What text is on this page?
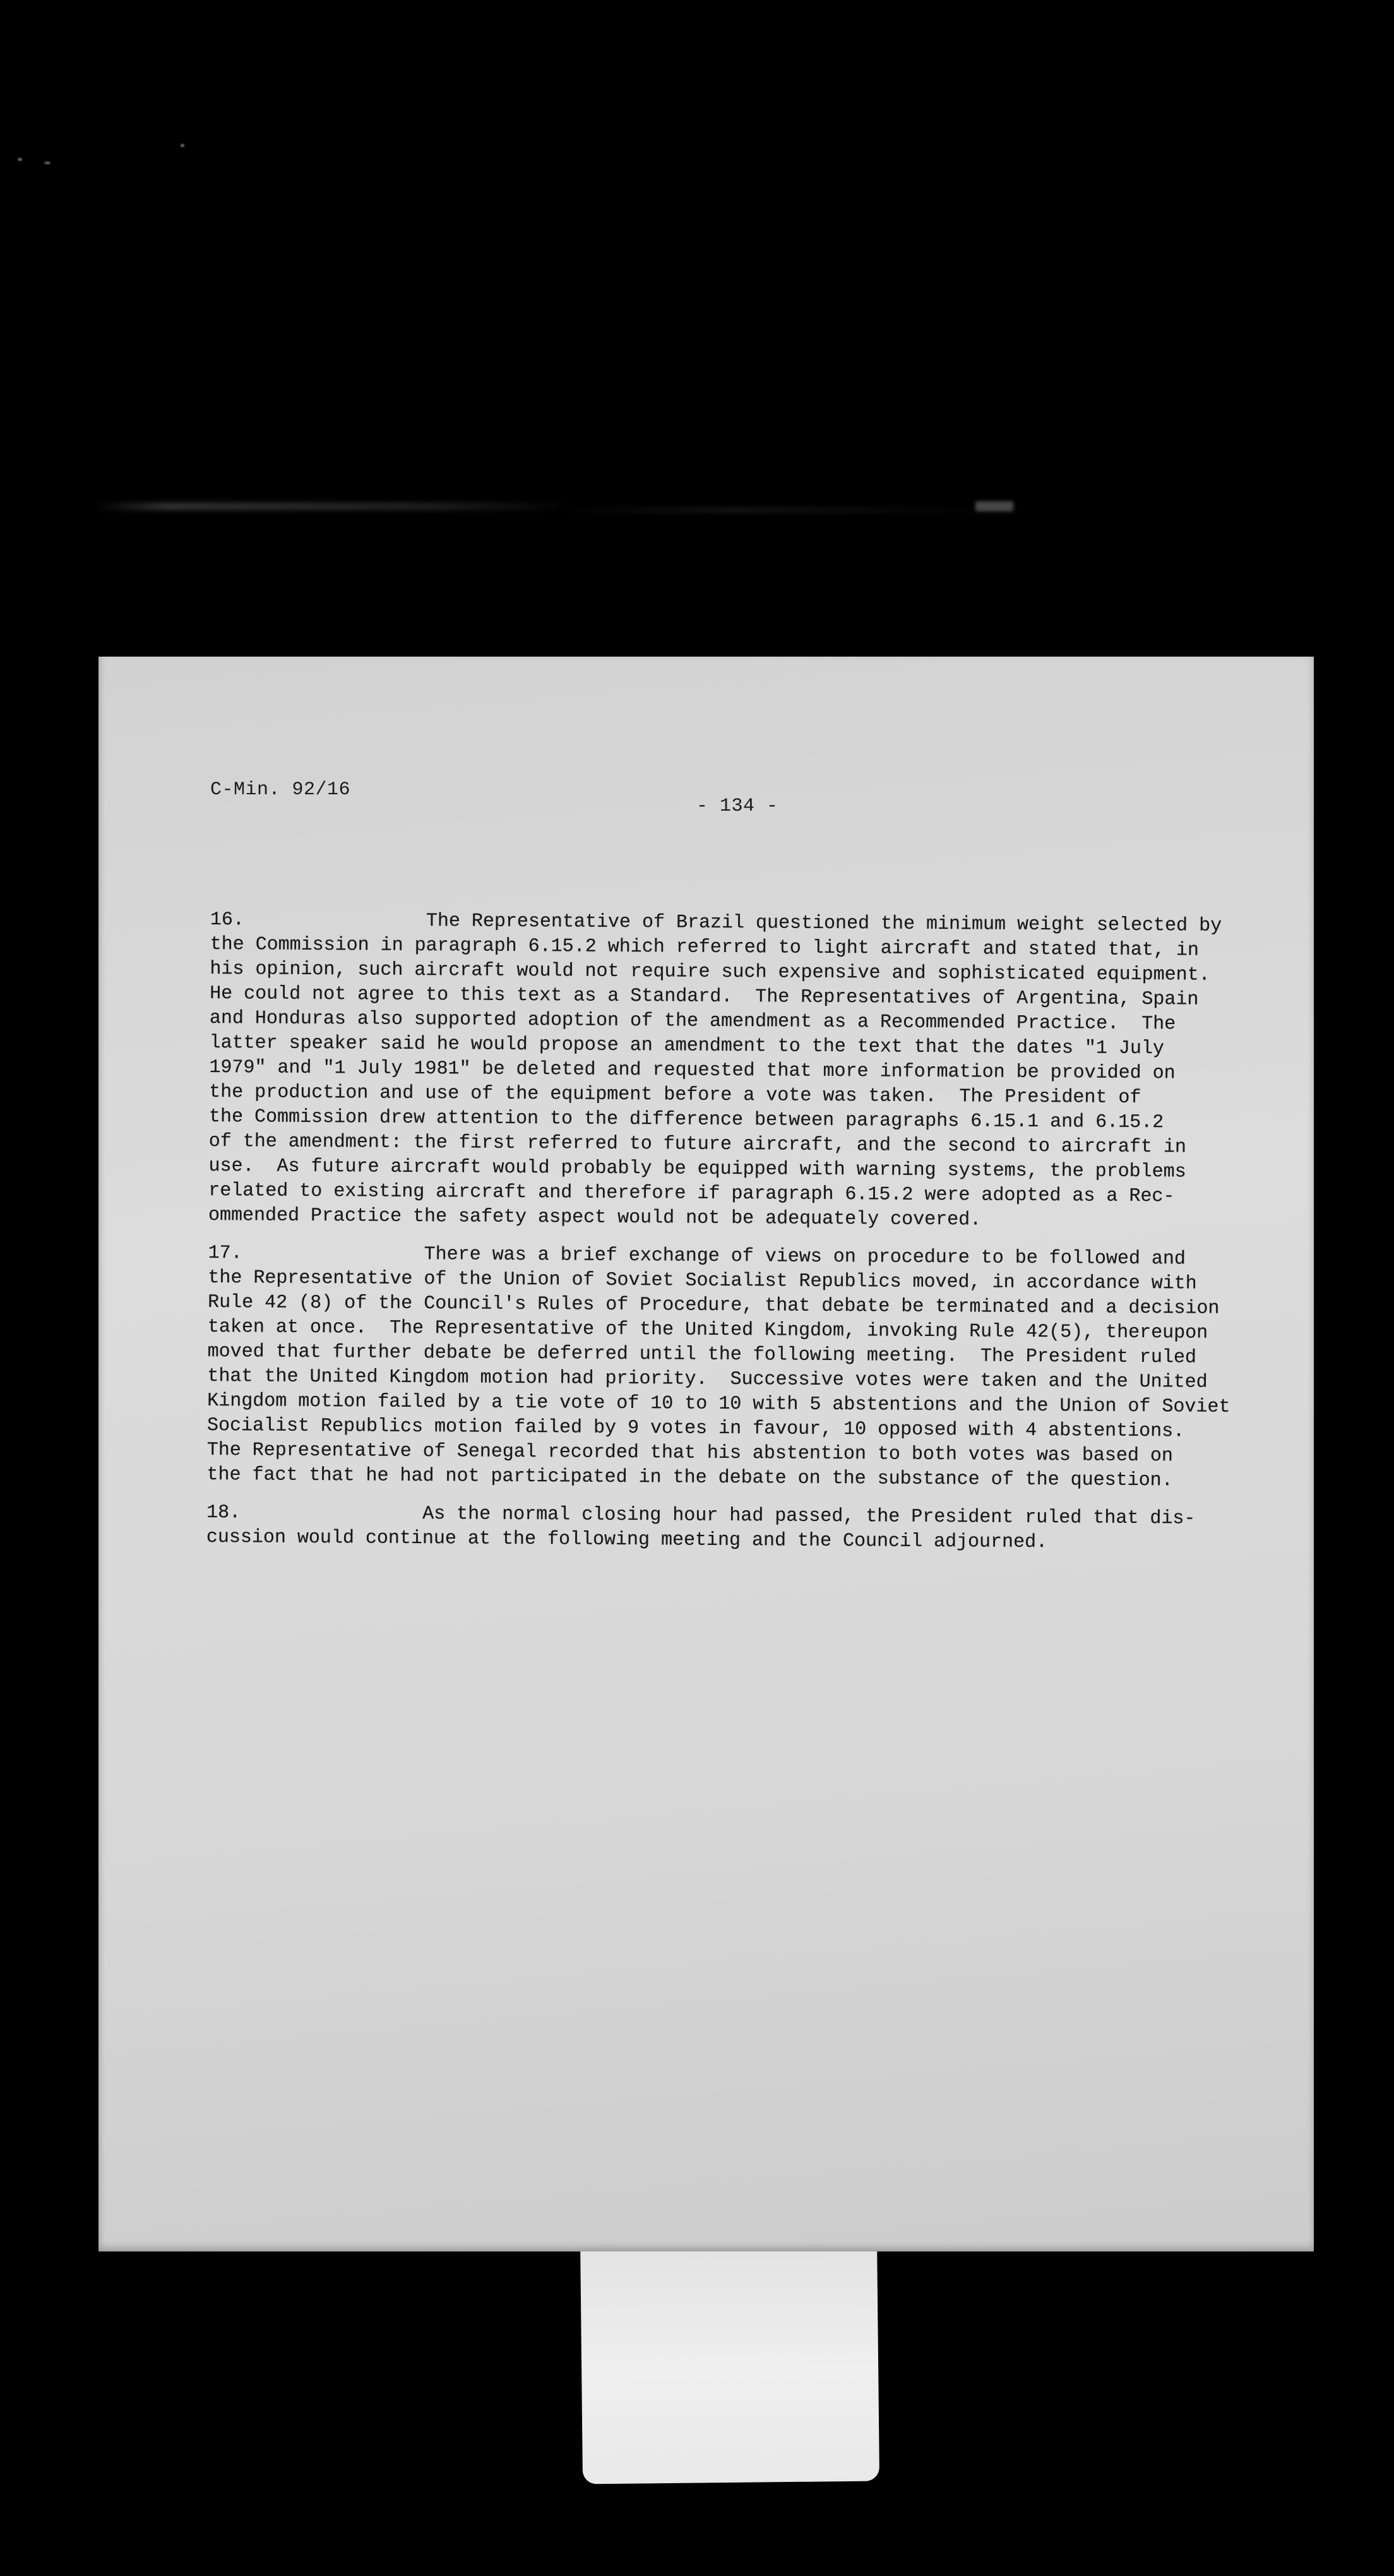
C-Min. 92/16
- 134 -
16.                The Representative of Brazil questioned the minimum weight selected by
the Commission in paragraph 6.15.2 which referred to light aircraft and stated that, in
his opinion, such aircraft would not require such expensive and sophisticated equipment.
He could not agree to this text as a Standard.  The Representatives of Argentina, Spain
and Honduras also supported adoption of the amendment as a Recommended Practice.  The
latter speaker said he would propose an amendment to the text that the dates "1 July
1979" and "1 July 1981" be deleted and requested that more information be provided on
the production and use of the equipment before a vote was taken.  The President of
the Commission drew attention to the difference between paragraphs 6.15.1 and 6.15.2
of the amendment: the first referred to future aircraft, and the second to aircraft in
use.  As future aircraft would probably be equipped with warning systems, the problems
related to existing aircraft and therefore if paragraph 6.15.2 were adopted as a Rec-
ommended Practice the safety aspect would not be adequately covered.
17.                There was a brief exchange of views on procedure to be followed and
the Representative of the Union of Soviet Socialist Republics moved, in accordance with
Rule 42 (8) of the Council's Rules of Procedure, that debate be terminated and a decision
taken at once.  The Representative of the United Kingdom, invoking Rule 42(5), thereupon
moved that further debate be deferred until the following meeting.  The President ruled
that the United Kingdom motion had priority.  Successive votes were taken and the United
Kingdom motion failed by a tie vote of 10 to 10 with 5 abstentions and the Union of Soviet
Socialist Republics motion failed by 9 votes in favour, 10 opposed with 4 abstentions.
The Representative of Senegal recorded that his abstention to both votes was based on
the fact that he had not participated in the debate on the substance of the question.
18.                As the normal closing hour had passed, the President ruled that dis-
cussion would continue at the following meeting and the Council adjourned.
